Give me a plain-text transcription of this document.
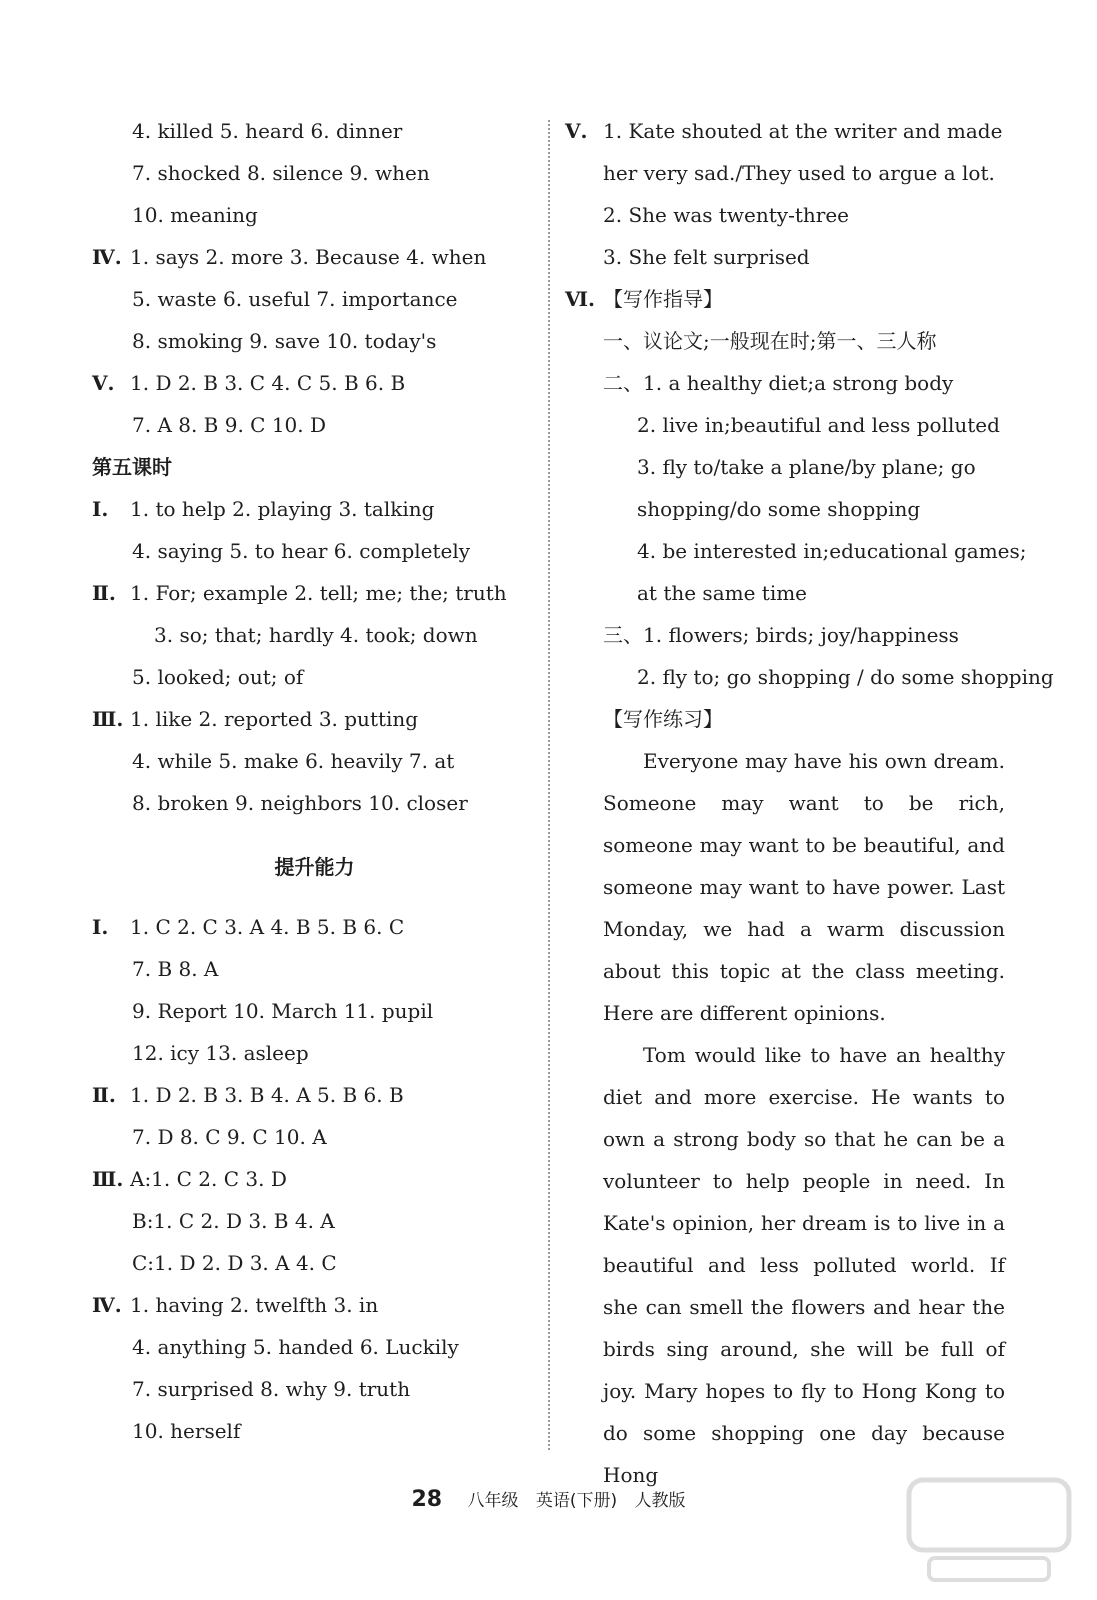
4. killed 5. heard 6. dinner
7. shocked 8. silence 9. when
10. meaning
Ⅳ. 1. says 2. more 3. Because 4. when
5. waste 6. useful 7. importance
8. smoking 9. save 10. today's
Ⅴ. 1. D 2. B 3. C 4. C 5. B 6. B
7. A 8. B 9. C 10. D
第五课时
Ⅰ. 1. to help 2. playing 3. talking
4. saying 5. to hear 6. completely
Ⅱ. 1. For; example 2. tell; me; the; truth
3. so; that; hardly 4. took; down
5. looked; out; of
Ⅲ. 1. like 2. reported 3. putting
4. while 5. make 6. heavily 7. at
8. broken 9. neighbors 10. closer
提升能力
Ⅰ. 1. C 2. C 3. A 4. B 5. B 6. C
7. B 8. A
9. Report 10. March 11. pupil
12. icy 13. asleep
Ⅱ. 1. D 2. B 3. B 4. A 5. B 6. B
7. D 8. C 9. C 10. A
Ⅲ. A:1. C 2. C 3. D
B:1. C 2. D 3. B 4. A
C:1. D 2. D 3. A 4. C
Ⅳ. 1. having 2. twelfth 3. in
4. anything 5. handed 6. Luckily
7. surprised 8. why 9. truth
10. herself
Ⅴ. 1. Kate shouted at the writer and made
her very sad./They used to argue a lot.
2. She was twenty-three
3. She felt surprised
Ⅵ. 【写作指导】
一、议论文;一般现在时;第一、三人称
二、1. a healthy diet;a strong body
2. live in;beautiful and less polluted
3. fly to/take a plane/by plane; go
shopping/do some shopping
4. be interested in;educational games;
at the same time
三、1. flowers; birds; joy/happiness
2. fly to; go shopping / do some shopping
【写作练习】

Everyone may have his own dream. Someone may want to be rich, someone may want to be beautiful, and someone may want to have power. Last Monday, we had a warm discussion about this topic at the class meeting. Here are different opinions.

Tom would like to have an healthy diet and more exercise. He wants to own a strong body so that he can be a volunteer to help people in need. In Kate's opinion, her dream is to live in a beautiful and less polluted world. If she can smell the flowers and hear the birds sing around, she will be full of joy. Mary hopes to fly to Hong Kong to do some shopping one day because Hong

28 八年级 英语(下册) 人教版
